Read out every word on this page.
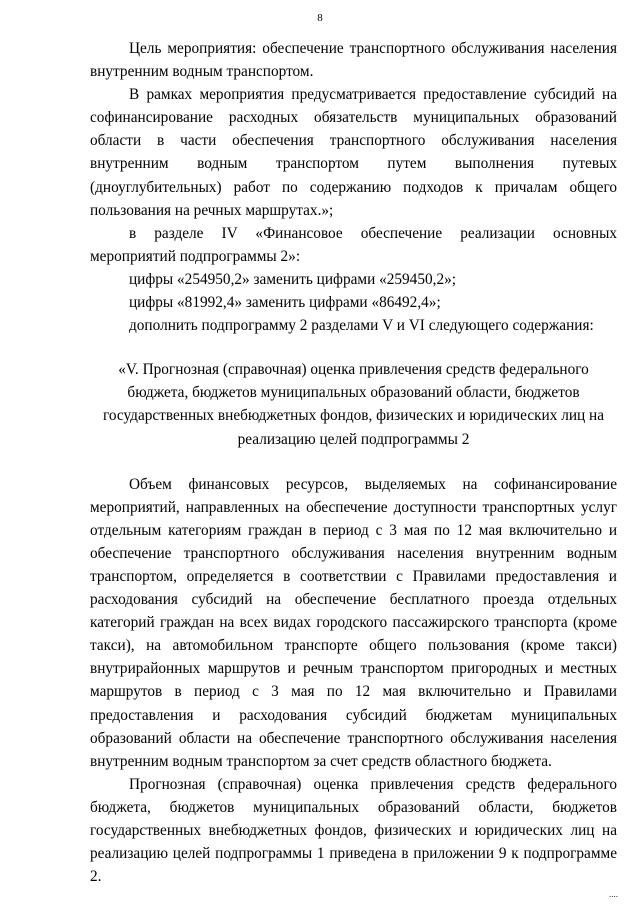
8

Цель мероприятия: обеспечение транспортного обслуживания населения внутренним водным транспортом.

В рамках мероприятия предусматривается предоставление субсидий на софинансирование расходных обязательств муниципальных образований области в части обеспечения транспортного обслуживания населения внутренним водным транспортом путем выполнения путевых (дноуглубительных) работ по содержанию подходов к причалам общего пользования на речных маршрутах.»;

в разделе IV «Финансовое обеспечение реализации основных мероприятий подпрограммы 2»:

цифры «254950,2» заменить цифрами «259450,2»;

цифры «81992,4» заменить цифрами «86492,4»;

дополнить подпрограмму 2 разделами V и VI следующего содержания:

«V. Прогнозная (справочная) оценка привлечения средств федерального бюджета, бюджетов муниципальных образований области, бюджетов государственных внебюджетных фондов, физических и юридических лиц на реализацию целей подпрограммы 2

Объем финансовых ресурсов, выделяемых на софинансирование мероприятий, направленных на обеспечение доступности транспортных услуг отдельным категориям граждан в период с 3 мая по 12 мая включительно и обеспечение транспортного обслуживания населения внутренним водным транспортом, определяется в соответствии с Правилами предоставления и расходования субсидий на обеспечение бесплатного проезда отдельных категорий граждан на всех видах городского пассажирского транспорта (кроме такси), на автомобильном транспорте общего пользования (кроме такси) внутрирайонных маршрутов и речным транспортом пригородных и местных маршрутов в период с 3 мая по 12 мая включительно и Правилами предоставления и расходования субсидий бюджетам муниципальных образований области на обеспечение транспортного обслуживания населения внутренним водным транспортом за счет средств областного бюджета.

Прогнозная (справочная) оценка привлечения средств федерального бюджета, бюджетов муниципальных образований области, бюджетов государственных внебюджетных фондов, физических и юридических лиц на реализацию целей подпрограммы 1 приведена в приложении 9 к подпрограмме 2.

....
